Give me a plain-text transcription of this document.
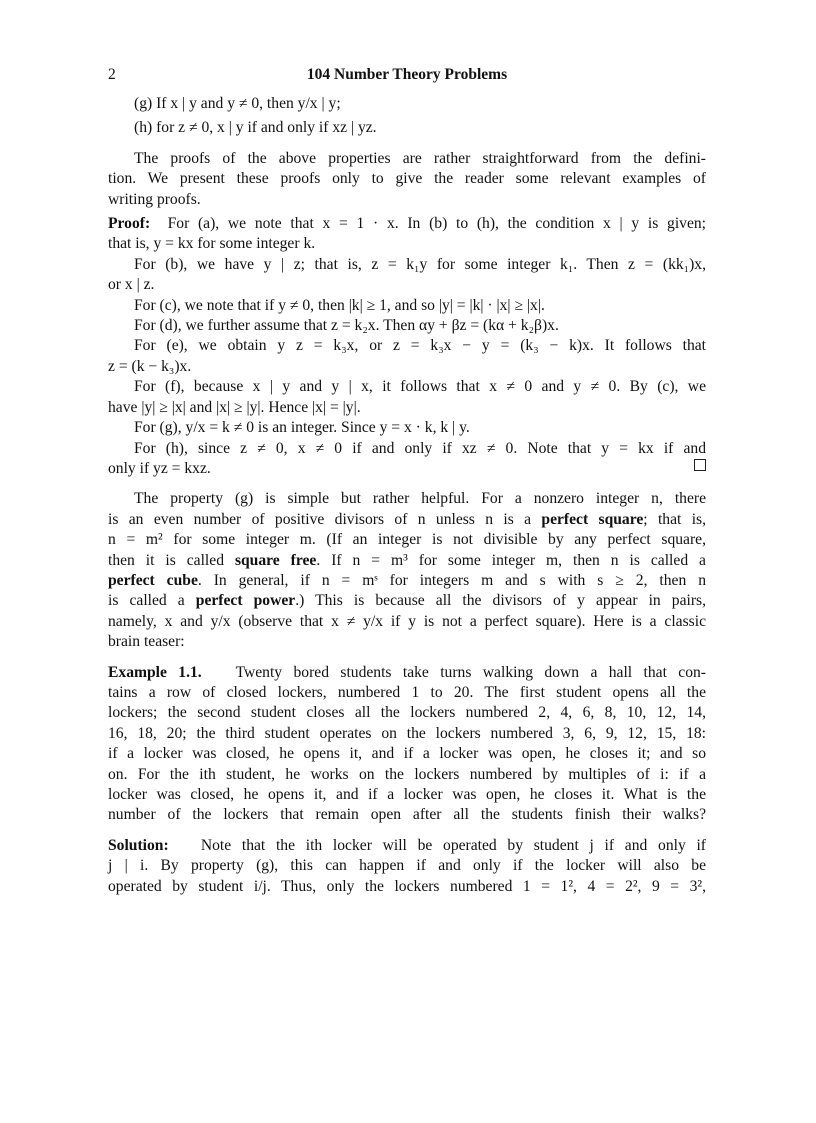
2	104 Number Theory Problems
(g) If x | y and y ≠ 0, then y/x | y;
(h) for z ≠ 0, x | y if and only if xz | yz.
The proofs of the above properties are rather straightforward from the defini-
tion. We present these proofs only to give the reader some relevant examples of
writing proofs.
Proof: For (a), we note that x = 1 · x. In (b) to (h), the condition x | y is given;
that is, y = kx for some integer k.
For (b), we have y | z; that is, z = k₁y for some integer k₁. Then z = (kk₁)x,
or x | z.
For (c), we note that if y ≠ 0, then |k| ≥ 1, and so |y| = |k| · |x| ≥ |x|.
For (d), we further assume that z = k₂x. Then αy + βz = (kα + k₂β)x.
For (e), we obtain y z = k₃x, or z = k₃x − y = (k₃ − k)x. It follows that
z = (k − k₃)x.
For (f), because x | y and y | x, it follows that x ≠ 0 and y ≠ 0. By (c), we
have |y| ≥ |x| and |x| ≥ |y|. Hence |x| = |y|.
For (g), y/x = k ≠ 0 is an integer. Since y = x · k, k | y.
For (h), since z ≠ 0, x ≠ 0 if and only if xz ≠ 0. Note that y = kx if and
only if yz = kxz.
The property (g) is simple but rather helpful. For a nonzero integer n, there
is an even number of positive divisors of n unless n is a perfect square; that is,
n = m² for some integer m. (If an integer is not divisible by any perfect square,
then it is called square free. If n = m³ for some integer m, then n is called a
perfect cube. In general, if n = mˢ for integers m and s with s ≥ 2, then n
is called a perfect power.) This is because all the divisors of y appear in pairs,
namely, x and y/x (observe that x ≠ y/x if y is not a perfect square). Here is a classic
brain teaser:
Example 1.1. Twenty bored students take turns walking down a hall that con-
tains a row of closed lockers, numbered 1 to 20. The first student opens all the
lockers; the second student closes all the lockers numbered 2, 4, 6, 8, 10, 12, 14,
16, 18, 20; the third student operates on the lockers numbered 3, 6, 9, 12, 15, 18:
if a locker was closed, he opens it, and if a locker was open, he closes it; and so
on. For the ith student, he works on the lockers numbered by multiples of i: if a
locker was closed, he opens it, and if a locker was open, he closes it. What is the
number of the lockers that remain open after all the students finish their walks?
Solution: Note that the ith locker will be operated by student j if and only if
j | i. By property (g), this can happen if and only if the locker will also be
operated by student i/j. Thus, only the lockers numbered 1 = 1², 4 = 2², 9 = 3²,
